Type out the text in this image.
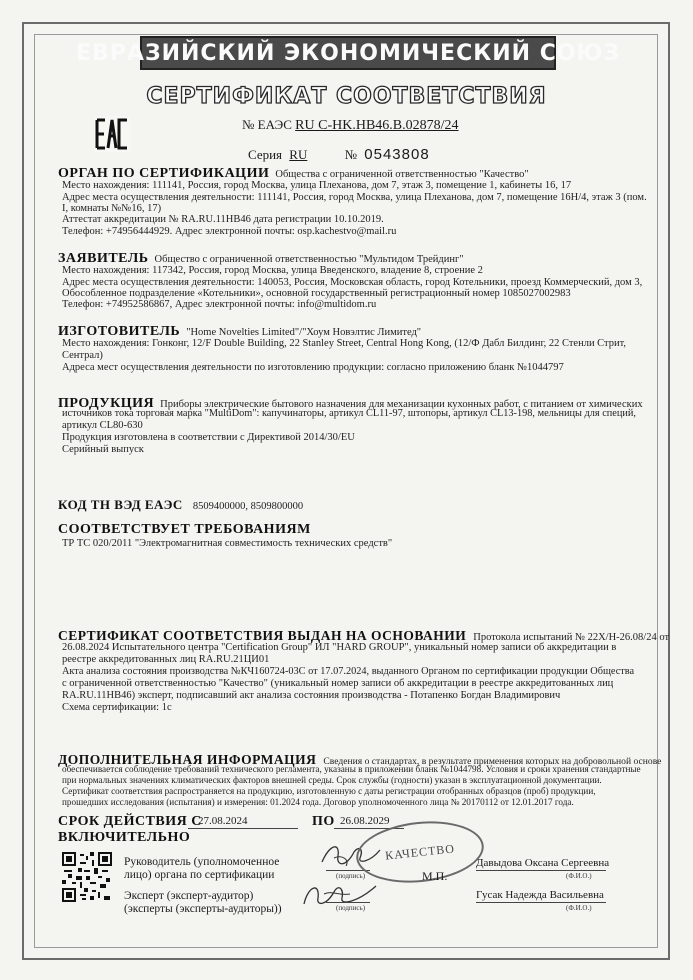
ЕВРАЗИЙСКИЙ ЭКОНОМИЧЕСКИЙ СОЮЗ
СЕРТИФИКАТ СООТВЕТСТВИЯ
№ ЕАЭС RU C-HK.HB46.B.02878/24
Серия RU	№ 0543808
ОРГАН ПО СЕРТИФИКАЦИИ Общества с ограниченной ответственностью "Качество"
Место нахождения: 111141, Россия, город Москва, улица Плеханова, дом 7, этаж 3, помещение 1, кабинеты 16, 17
Адрес места осуществления деятельности: 111141, Россия, город Москва, улица Плеханова, дом 7, помещение 16Н/4, этаж 3 (пом.
I, комнаты №№16, 17)
Аттестат аккредитации № RA.RU.11HB46 дата регистрации 10.10.2019.
Телефон: +74956444929. Адрес электронной почты: osp.kachestvo@mail.ru
ЗАЯВИТЕЛЬ Общество с ограниченной ответственностью "Мультидом Трейдинг"
Место нахождения: 117342, Россия, город Москва, улица Введенского, владение 8, строение 2
Адрес места осуществления деятельности: 140053, Россия, Московская область, город Котельники, проезд Коммерческий, дом 3,
Обособленное подразделение «Котельники», основной государственный регистрационный номер 1085027002983
Телефон: +74952586867, Адрес электронной почты: info@multidom.ru
ИЗГОТОВИТЕЛЬ "Home Novelties Limited"/"Хоум Новэлтис Лимитед"
Место нахождения: Гонконг, 12/F Double Building, 22 Stanley Street, Central Hong Kong, (12/Ф Дабл Билдинг, 22 Стенли Стрит,
Сентрал)
Адреса мест осуществления деятельности по изготовлению продукции: согласно приложению бланк №1044797
ПРОДУКЦИЯ Приборы электрические бытового назначения для механизации кухонных работ, с питанием от химических
источников тока торговая марка "MultiDom": капучинаторы, артикул CL11-97, штопоры, артикул CL13-198, мельницы для специй,
артикул CL80-630
Продукция изготовлена в соответствии с Директивой 2014/30/EU
Серийный выпуск
КОД ТН ВЭД ЕАЭС 8509400000, 8509800000
СООТВЕТСТВУЕТ ТРЕБОВАНИЯМ
ТР ТС 020/2011 "Электромагнитная совместимость технических средств"
СЕРТИФИКАТ СООТВЕТСТВИЯ ВЫДАН НА ОСНОВАНИИ Протокола испытаний № 22Х/Н-26.08/24 от
26.08.2024 Испытательного центра "Certification Group" ИЛ "HARD GROUP", уникальный номер записи об аккредитации в
реестре аккредитованных лиц RA.RU.21ЦИ01
Акта анализа состояния производства №КЧ160724-03С от 17.07.2024, выданного Органом по сертификации продукции Общества
с ограниченной ответственностью "Качество" (уникальный номер записи об аккредитации в реестре аккредитованных лиц
RA.RU.11HB46) эксперт, подписавший акт анализа состояния производства - Потапенко Богдан Владимирович
Схема сертификации: 1с
ДОПОЛНИТЕЛЬНАЯ ИНФОРМАЦИЯ Сведения о стандартах, в результате применения которых на добровольной основе
обеспечивается соблюдение требований технического регламента, указаны в приложении бланк №1044798. Условия и сроки хранения стандартные
при нормальных значениях климатических факторов внешней среды. Срок службы (годности) указан в эксплуатационной документации.
Сертификат соответствия распространяется на продукцию, изготовленную с даты регистрации отобранных образцов (проб) продукции,
прошедших исследования (испытания) и измерения: 01.2024 года. Договор уполномоченного лица № 20170112 от 12.01.2017 года.
СРОК ДЕЙСТВИЯ С
27.08.2024	ПО 26.08.2029
ВКЛЮЧИТЕЛЬНО
Руководитель (уполномоченное
лицо) органа по сертификации	(подпись)
КАЧЕСТВО
М.П.
Давыдова Оксана Сергеевна
(Ф.И.О.)
Эксперт (эксперт-аудитор)
(эксперты (эксперты-аудиторы))	(подпись)
Гусак Надежда Васильевна
(Ф.И.О.)
